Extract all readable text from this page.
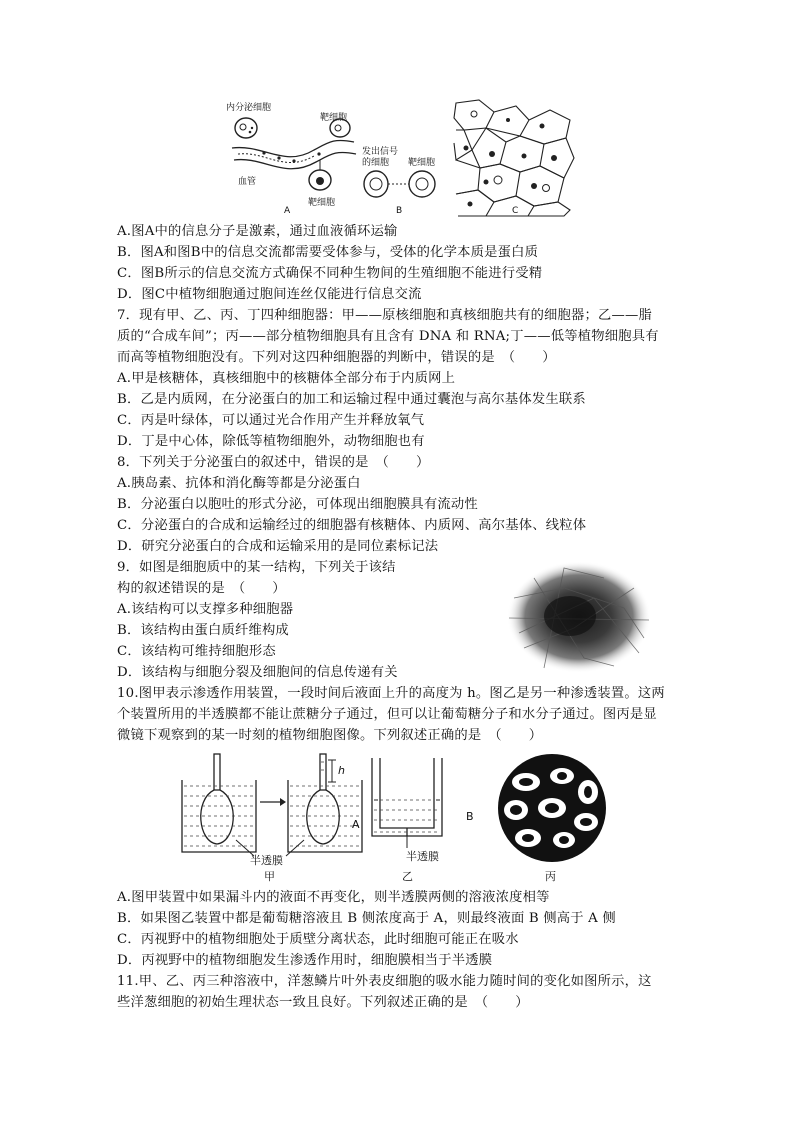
内分泌细胞
靶细胞
血管
靶细胞
发出信号
的细胞 靶细胞
A	B	C
A.图A中的信息分子是激素，通过血液循环运输
B．图A和图B中的信息交流都需要受体参与，受体的化学本质是蛋白质
C．图B所示的信息交流方式确保不同种生物间的生殖细胞不能进行受精
D．图C中植物细胞通过胞间连丝仅能进行信息交流
7．现有甲、乙、丙、丁四种细胞器：甲——原核细胞和真核细胞共有的细胞器；乙——脂
质的“合成车间”；丙——部分植物细胞具有且含有 DNA 和 RNA;丁——低等植物细胞具有
而高等植物细胞没有。下列对这四种细胞器的判断中，错误的是　（　　）
A.甲是核糖体，真核细胞中的核糖体全部分布于内质网上
B．乙是内质网，在分泌蛋白的加工和运输过程中通过囊泡与高尔基体发生联系
C．丙是叶绿体，可以通过光合作用产生并释放氧气
D．丁是中心体，除低等植物细胞外，动物细胞也有
8．下列关于分泌蛋白的叙述中，错误的是　（　　）
A.胰岛素、抗体和消化酶等都是分泌蛋白
B．分泌蛋白以胞吐的形式分泌，可体现出细胞膜具有流动性
C．分泌蛋白的合成和运输经过的细胞器有核糖体、内质网、高尔基体、线粒体
D．研究分泌蛋白的合成和运输采用的是同位素标记法
9．如图是细胞质中的某一结构，下列关于该结
构的叙述错误的是　（　　）
A.该结构可以支撑多种细胞器
B．该结构由蛋白质纤维构成
C．该结构可维持细胞形态
D．该结构与细胞分裂及细胞间的信息传递有关
10.图甲表示渗透作用装置，一段时间后液面上升的高度为 h。图乙是另一种渗透装置。这两
个装置所用的半透膜都不能让蔗糖分子通过，但可以让葡萄糖分子和水分子通过。图丙是显
微镜下观察到的某一时刻的植物细胞图像。下列叙述正确的是　（　　）
半透膜
h
A
B
半透膜
甲	乙	丙
A.图甲装置中如果漏斗内的液面不再变化，则半透膜两侧的溶液浓度相等
B．如果图乙装置中都是葡萄糖溶液且 B 侧浓度高于 A，则最终液面 B 侧高于 A 侧
C．丙视野中的植物细胞处于质壁分离状态，此时细胞可能正在吸水
D．丙视野中的植物细胞发生渗透作用时，细胞膜相当于半透膜
11.甲、乙、丙三种溶液中，洋葱鳞片叶外表皮细胞的吸水能力随时间的变化如图所示，这
些洋葱细胞的初始生理状态一致且良好。下列叙述正确的是　（　　）
